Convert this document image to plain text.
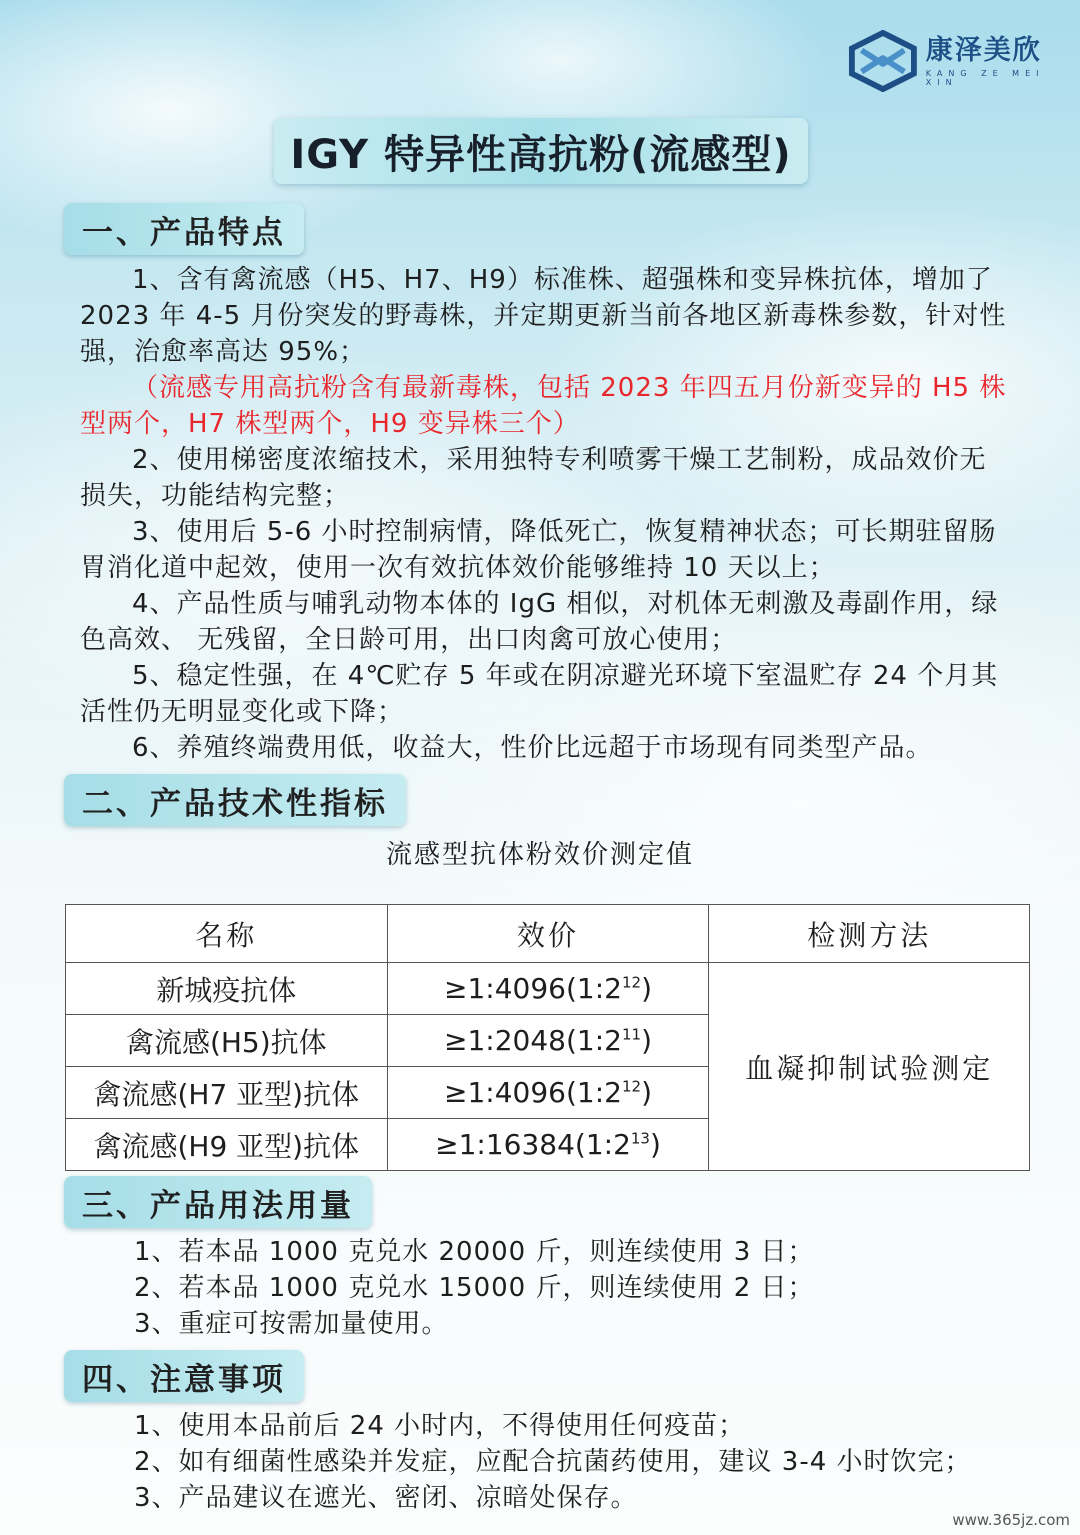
康泽美欣
KANG ZE MEI XIN
IGY 特异性高抗粉(流感型)
一、产品特点

1、含有禽流感（H5、H7、H9）标准株、超强株和变异株抗体，增加了 2023 年 4-5 月份突发的野毒株，并定期更新当前各地区新毒株参数，针对性强，治愈率高达 95%；

（流感专用高抗粉含有最新毒株，包括 2023 年四五月份新变异的 H5 株型两个，H7 株型两个，H9 变异株三个）

2、使用梯密度浓缩技术，采用独特专利喷雾干燥工艺制粉，成品效价无损失，功能结构完整；

3、使用后 5-6 小时控制病情，降低死亡，恢复精神状态；可长期驻留肠胃消化道中起效，使用一次有效抗体效价能够维持 10 天以上；

4、产品性质与哺乳动物本体的 IgG 相似，对机体无刺激及毒副作用，绿色高效、 无残留，全日龄可用，出口肉禽可放心使用；

5、稳定性强，在 4℃贮存 5 年或在阴凉避光环境下室温贮存 24 个月其活性仍无明显变化或下降；

6、养殖终端费用低，收益大，性价比远超于市场现有同类型产品。

二、产品技术性指标
流感型抗体粉效价测定值
名称	效价	检测方法
新城疫抗体	$\ge 1:4096(1:2^{12})$	血凝抑制试验测定
禽流感(H5)抗体	$\ge 1:2048(1:2^{11})$	
禽流感(H7 亚型)抗体	$\ge 1:4096(1:2^{12})$	
禽流感(H9 亚型)抗体	$\ge 1:16384(1:2^{13})$	
三、产品用法用量

1、若本品 1000 克兑水 20000 斤，则连续使用 3 日；

2、若本品 1000 克兑水 15000 斤，则连续使用 2 日；

3、重症可按需加量使用。

四、注意事项

1、使用本品前后 24 小时内，不得使用任何疫苗；

2、如有细菌性感染并发症，应配合抗菌药使用，建议 3-4 小时饮完；

3、产品建议在遮光、密闭、凉暗处保存。

www.365jz.com
